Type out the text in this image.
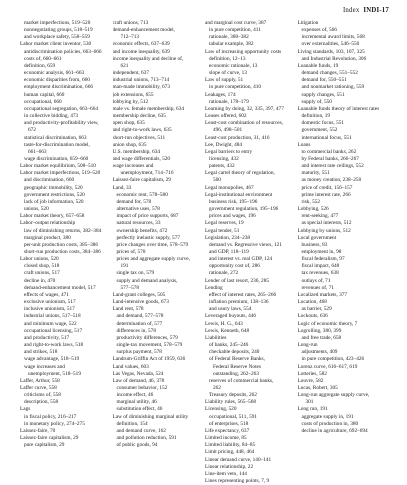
Index INDI-17
market imperfections, 519–520
nonnegotiating groups, 518–519
and workplace safety, 558–559
Labor market client inventor, 530
antidiscrimination policies, 663–666
costs of, 660–661
definition, 659
economic analysis, 661–663
economic disparities from, 660
employment discrimination, 666
human capital, 660
occupational, 660
occupational segregation, 663–664
in collective bidding, 473
and productivity-profitability view,
672
statistical discrimination, 663
taste-for-discrimination model,
661–663
wage discrimination, 659–660
Labor market equilibrium, 508–510
Labor market imperfections, 519–520
and discrimination, 660
geographic immobility, 520
government restrictions, 520
lack of job information, 520
unions, 520
Labor market theory, 657–658
Labor–output relationship
law of diminishing returns, 382–384
marginal product, 380
per-unit production costs, 385–386
short-run production costs, 384–386
Labor unions, 520
closed shop, 518
craft unions, 517
decline in, 470
demand-enhancement model, 517
effects of wages, 471
exclusive unionism, 517
inclusive unionism, 517
industrial unions, 517–518
and minimum wage, 522
occupational licensing, 517
and productivity, 517
and right-to-work laws, 518
and strikes, 518
wage advantage, 518–519
wage increases and
unemployment, 518–519
Laffer, Arthur, 558
Laffer curve, 558
criticisms of, 558
description, 558
Lags
in fiscal policy, 216–217
in monetary policy, 274–275
Laissez-faire, 70
Laissez-faire capitalism, 29
pure capitalism, 29
craft unions, 713
demand-enhancement model,
712–713
economic effects, 637–639
and income inequality, 639
income inequality and decline of,
621
independent, 637
industrial unions, 713–714
man-made immobility, 673
job extensions, 655
lobbying by, 512
male vs. female membership, 634
membership decline, 635
open shop, 635
and right-to-work laws, 635
short-run objectives, 511
union shop, 635
U.S. membership, 634
and wage differentials, 520
wage increases and
unemployment, 714–716
Laissez-faire capitalism, 29
Land, 33
economic rent, 578–580
demand for, 578
alternative uses, 578
impact of price supports, 687
natural resources, 33
ownership benefits, 472
perfectly inelastic supply, 577
price changes over time, 578–579
prices of, 578
prices and aggregate supply curve,
191
single tax on, 579
supply and demand analysis,
577–578
Land-grant colleges, 505
Land-intensive goods, 673
Land rent, 578
and demand, 577–578
determination of, 577
differences in, 578
productivity differences, 579
single-tax movement, 578–579
surplus payment, 578
Landrum-Griffin Act of 1959, 636
Land values, 603
Las Vegas, Nevada, 524
Law of demand, 46, 378
consumer behavior, 152
income effect, 46
marginal utility, 46
substitution effect, 46
Law of diminishing marginal utility
definition, 154
and demand curve, 162
and pollution reduction, 591
of public goods, 94
and marginal cost curve, 387
in pure competition, 411
rationale, 380–382
tabular example, 382
Law of increasing opportunity costs
definition, 12–13
economic rationale, 13
slope of curve, 13
Law of supply, 51
in pure competition, 410
Leakages, 174
rationale, 178–179
Learning by doing, 32, 335, 397, 477
Leases offered, 602
Least-cost combination of resources,
496, 498–501
Least-cost production, 31, 416
Lee, Dwight, 484
Legal barriers to entry
licensing, 432
patents, 432
Legal cartel theory of regulation,
560
Legal monopolies, 467
Legal-institutional environment
business risk, 195–196
government regulation, 195–196
prices and wages, 196
Legal reserves, 19
Legal tender, 51
Legislation, 234–238
demand vs. Regressive views, 121
and GDP, 118–119
and interest vs. real GDP, 124
opportunity cost of, 286
rationale, 272
Lender of last resort, 236, 285
Lending
effect of interest rates, 265–266
inflation premium, 138–136
and usury laws, 554
Leveraged buyouts, 446
Lewis, H. G., 643
Lewis, Kenneth, 648
Liabilities
of banks, 245–246
checkable deposits, 240
of Federal Reserve Banks,
Federal Reserve Notes
outstanding, 262–263
reserves of commercial banks,
262
Treasury deposits, 262
Liability rules, 565–568
Licensing, 520
occupational, 511, 591
of enterprises, 518
Life expectancy, 637
Limited income, 85
Limited liability, 84–85
Limit pricing, 448, 464
Linear demand curve, 140–141
Linear relationship, 22
Line-item veto, 144
Lines representing points, 7, 9
Litigation
expenses of, 566
incremental award limits, 568
over externalities, 546–550
Living standards, 103, 107, 325
and Industrial Revolution, 306
Loanable funds, 19
demand changes, 551–552
demand for, 550–551
and nonmarket rationing, 559
supply changes, 551
supply of, 550
Loanable funds theory of interest rates
definition, 19
domestic focus, 551
government, 552
international focus, 551
Loans
to commercial banks, 262
by Federal banks, 266–267
and interest rate ceilings, 552
maturity, 551
as money creation, 238–250
price of credit, 156–157
prime interest rate, 266
risk, 552
Lobbying, 526
rent-seeking, 477
as special interests, 512
Lobbying by unions, 512
Local government
business, 83
employment in, 98
fiscal federalism, 97
fiscal impact, 648
tax revenues, 638
outlays of, 71
revenues of, 71
Localized markets, 377
Location, 468
as barrier, 529
Lockouts, 636
Logic of economic theory, 7
Logrolling, 380, 399
and free trade, 658
Long-run
adjustments, 409
in pure competition, 423–426
Lorenz curve, 616–617, 619
Lotteries, 582
Louvre, 582
Lucas, Robert, 305
Long-run aggregate supply curve,
301
Long run, 191
aggregate supply in, 191
costs of production in, 380
decline in agriculture, 692–694
